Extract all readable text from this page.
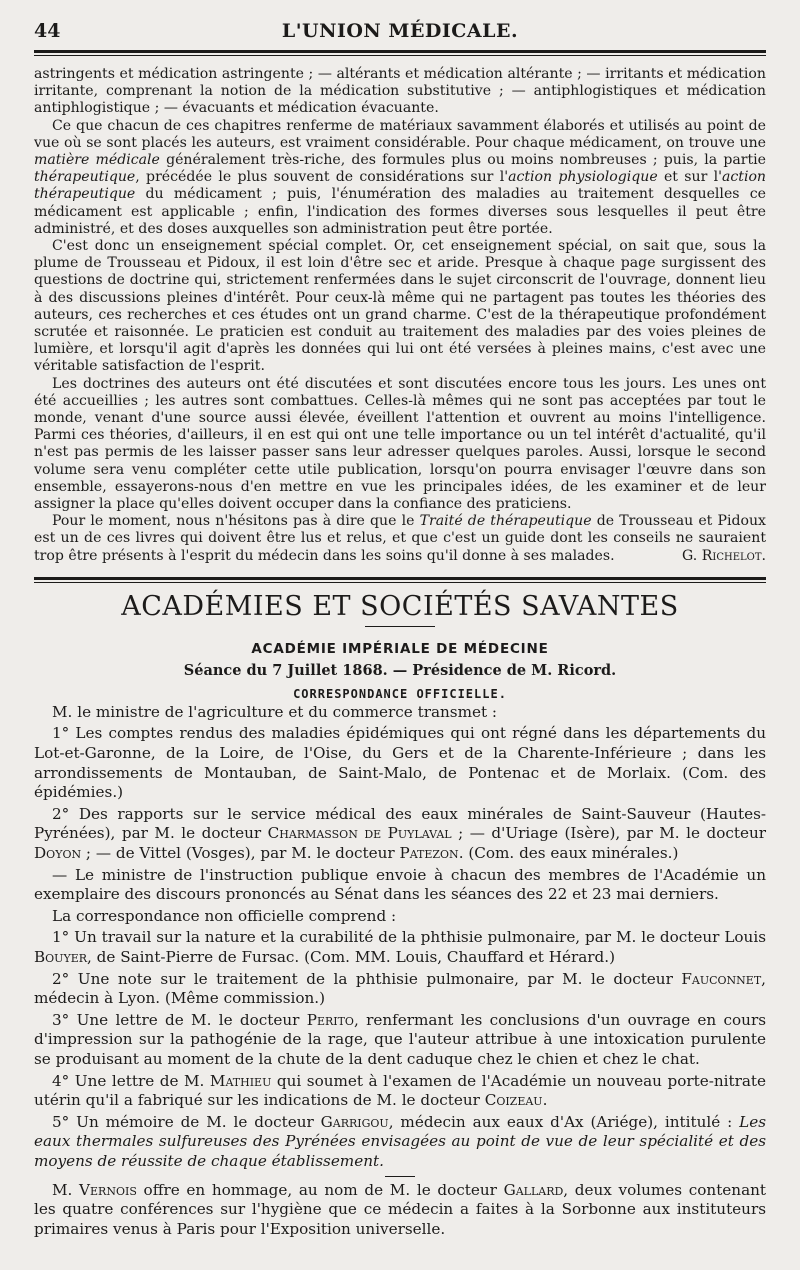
44	L'UNION MÉDICALE.

astringents et médication astringente ; — altérants et médication altérante ; — irritants et médication irritante, comprenant la notion de la médication substitutive ; — antiphlogistiques et médication antiphlogistique ; — évacuants et médication évacuante.

Ce que chacun de ces chapitres renferme de matériaux savamment élaborés et utilisés au point de vue où se sont placés les auteurs, est vraiment considérable. Pour chaque médicament, on trouve une matière médicale généralement très-riche, des formules plus ou moins nombreuses ; puis, la partie thérapeutique, précédée le plus souvent de considérations sur l'action physiologique et sur l'action thérapeutique du médicament ; puis, l'énumération des maladies au traitement desquelles ce médicament est applicable ; enfin, l'indication des formes diverses sous lesquelles il peut être administré, et des doses auxquelles son administration peut être portée.

C'est donc un enseignement spécial complet. Or, cet enseignement spécial, on sait que, sous la plume de Trousseau et Pidoux, il est loin d'être sec et aride. Presque à chaque page surgissent des questions de doctrine qui, strictement renfermées dans le sujet circonscrit de l'ouvrage, donnent lieu à des discussions pleines d'intérêt. Pour ceux-là même qui ne partagent pas toutes les théories des auteurs, ces recherches et ces études ont un grand charme. C'est de la thérapeutique profondément scrutée et raisonnée. Le praticien est conduit au traitement des maladies par des voies pleines de lumière, et lorsqu'il agit d'après les données qui lui ont été versées à pleines mains, c'est avec une véritable satisfaction de l'esprit.

Les doctrines des auteurs ont été discutées et sont discutées encore tous les jours. Les unes ont été accueillies ; les autres sont combattues. Celles-là mêmes qui ne sont pas acceptées par tout le monde, venant d'une source aussi élevée, éveillent l'attention et ouvrent au moins l'intelligence. Parmi ces théories, d'ailleurs, il en est qui ont une telle importance ou un tel intérêt d'actualité, qu'il n'est pas permis de les laisser passer sans leur adresser quelques paroles. Aussi, lorsque le second volume sera venu compléter cette utile publication, lorsqu'on pourra envisager l'œuvre dans son ensemble, essayerons-nous d'en mettre en vue les principales idées, de les examiner et de leur assigner la place qu'elles doivent occuper dans la confiance des praticiens.

Pour le moment, nous n'hésitons pas à dire que le Traité de thérapeutique de Trousseau et Pidoux est un de ces livres qui doivent être lus et relus, et que c'est un guide dont les conseils ne sauraient trop être présents à l'esprit du médecin dans les soins qu'il donne à ses malades.	G. Richelot.

ACADÉMIES ET SOCIÉTÉS SAVANTES
ACADÉMIE IMPÉRIALE DE MÉDECINE
Séance du 7 Juillet 1868. — Présidence de M. Ricord.
CORRESPONDANCE OFFICIELLE.

M. le ministre de l'agriculture et du commerce transmet :

1° Les comptes rendus des maladies épidémiques qui ont régné dans les départements du Lot-et-Garonne, de la Loire, de l'Oise, du Gers et de la Charente-Inférieure ; dans les arrondissements de Montauban, de Saint-Malo, de Pontenac et de Morlaix. (Com. des épidémies.)

2° Des rapports sur le service médical des eaux minérales de Saint-Sauveur (Hautes-Pyrénées), par M. le docteur Charmasson de Puylaval ; — d'Uriage (Isère), par M. le docteur Doyon ; — de Vittel (Vosges), par M. le docteur Patezon. (Com. des eaux minérales.)

— Le ministre de l'instruction publique envoie à chacun des membres de l'Académie un exemplaire des discours prononcés au Sénat dans les séances des 22 et 23 mai derniers.

La correspondance non officielle comprend :

1° Un travail sur la nature et la curabilité de la phthisie pulmonaire, par M. le docteur Louis Bouyer, de Saint-Pierre de Fursac. (Com. MM. Louis, Chauffard et Hérard.)

2° Une note sur le traitement de la phthisie pulmonaire, par M. le docteur Fauconnet, médecin à Lyon. (Même commission.)

3° Une lettre de M. le docteur Perito, renfermant les conclusions d'un ouvrage en cours d'impression sur la pathogénie de la rage, que l'auteur attribue à une intoxication purulente se produisant au moment de la chute de la dent caduque chez le chien et chez le chat.

4° Une lettre de M. Mathieu qui soumet à l'examen de l'Académie un nouveau porte-nitrate utérin qu'il a fabriqué sur les indications de M. le docteur Coizeau.

5° Un mémoire de M. le docteur Garrigou, médecin aux eaux d'Ax (Ariége), intitulé : Les eaux thermales sulfureuses des Pyrénées envisagées au point de vue de leur spécialité et des moyens de réussite de chaque établissement.

M. Vernois offre en hommage, au nom de M. le docteur Gallard, deux volumes contenant les quatre conférences sur l'hygiène que ce médecin a faites à la Sorbonne aux instituteurs primaires venus à Paris pour l'Exposition universelle.
